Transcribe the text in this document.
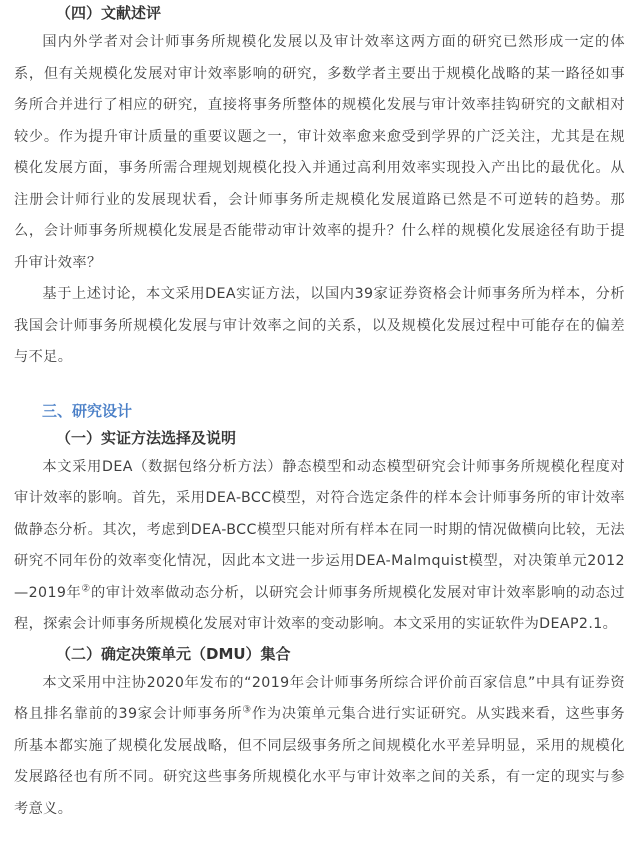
（四）文献述评

国内外学者对会计师事务所规模化发展以及审计效率这两方面的研究已然形成一定的体系，但有关规模化发展对审计效率影响的研究，多数学者主要出于规模化战略的某一路径如事务所合并进行了相应的研究，直接将事务所整体的规模化发展与审计效率挂钩研究的文献相对较少。作为提升审计质量的重要议题之一，审计效率愈来愈受到学界的广泛关注，尤其是在规模化发展方面，事务所需合理规划规模化投入并通过高利用效率实现投入产出比的最优化。从注册会计师行业的发展现状看，会计师事务所走规模化发展道路已然是不可逆转的趋势。那么，会计师事务所规模化发展是否能带动审计效率的提升？什么样的规模化发展途径有助于提升审计效率？

基于上述讨论，本文采用DEA实证方法，以国内39家证券资格会计师事务所为样本，分析我国会计师事务所规模化发展与审计效率之间的关系，以及规模化发展过程中可能存在的偏差与不足。

三、研究设计
（一）实证方法选择及说明

本文采用DEA（数据包络分析方法）静态模型和动态模型研究会计师事务所规模化程度对审计效率的影响。首先，采用DEA-BCC模型，对符合选定条件的样本会计师事务所的审计效率做静态分析。其次，考虑到DEA-BCC模型只能对所有样本在同一时期的情况做横向比较，无法研究不同年份的效率变化情况，因此本文进一步运用DEA-Malmquist模型，对决策单元2012—2019年②的审计效率做动态分析，以研究会计师事务所规模化发展对审计效率影响的动态过程，探索会计师事务所规模化发展对审计效率的变动影响。本文采用的实证软件为DEAP2.1。

（二）确定决策单元（DMU）集合

本文采用中注协2020年发布的“2019年会计师事务所综合评价前百家信息”中具有证券资格且排名靠前的39家会计师事务所③作为决策单元集合进行实证研究。从实践来看，这些事务所基本都实施了规模化发展战略，但不同层级事务所之间规模化水平差异明显，采用的规模化发展路径也有所不同。研究这些事务所规模化水平与审计效率之间的关系，有一定的现实与参考意义。
